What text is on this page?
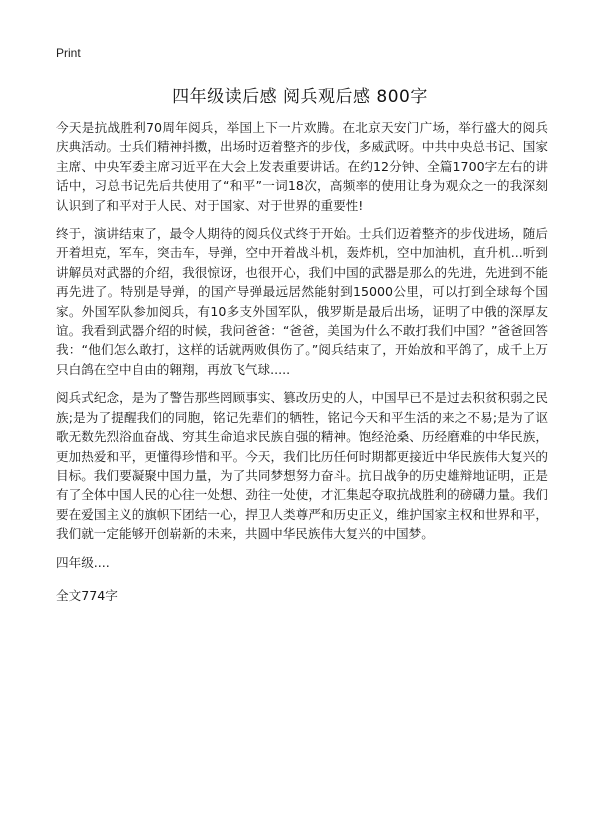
Print
四年级读后感 阅兵观后感 800字

今天是抗战胜利70周年阅兵，举国上下一片欢腾。在北京天安门广场，举行盛大的阅兵庆典活动。士兵们精神抖擞，出场时迈着整齐的步伐，多威武呀。中共中央总书记、国家主席、中央军委主席习近平在大会上发表重要讲话。在约12分钟、全篇1700字左右的讲话中，习总书记先后共使用了“和平”一词18次，高频率的使用让身为观众之一的我深刻认识到了和平对于人民、对于国家、对于世界的重要性!

终于，演讲结束了，最令人期待的阅兵仪式终于开始。士兵们迈着整齐的步伐进场，随后开着坦克，军车，突击车，导弹，空中开着战斗机，轰炸机，空中加油机，直升机...听到讲解员对武器的介绍，我很惊讶，也很开心，我们中国的武器是那么的先进，先进到不能再先进了。特别是导弹，的国产导弹最远居然能射到15000公里，可以打到全球每个国家。外国军队参加阅兵，有10多支外国军队，俄罗斯是最后出场，证明了中俄的深厚友谊。我看到武器介绍的时候，我问爸爸：“爸爸，美国为什么不敢打我们中国？”爸爸回答我：“他们怎么敢打，这样的话就两败俱伤了。”阅兵结束了，开始放和平鸽了，成千上万只白鸽在空中自由的翱翔，再放飞气球.....

阅兵式纪念，是为了警告那些罔顾事实、篡改历史的人，中国早已不是过去积贫积弱之民族;是为了提醒我们的同胞，铭记先辈们的牺牲，铭记今天和平生活的来之不易;是为了讴歌无数先烈浴血奋战、穷其生命追求民族自强的精神。饱经沧桑、历经磨难的中华民族，更加热爱和平，更懂得珍惜和平。今天，我们比历任何时期都更接近中华民族伟大复兴的目标。我们要凝聚中国力量，为了共同梦想努力奋斗。抗日战争的历史雄辩地证明，正是有了全体中国人民的心往一处想、劲往一处使，才汇集起夺取抗战胜利的磅礴力量。我们要在爱国主义的旗帜下团结一心，捍卫人类尊严和历史正义，维护国家主权和世界和平，我们就一定能够开创崭新的未来，共圆中华民族伟大复兴的中国梦。

四年级....

全文774字
